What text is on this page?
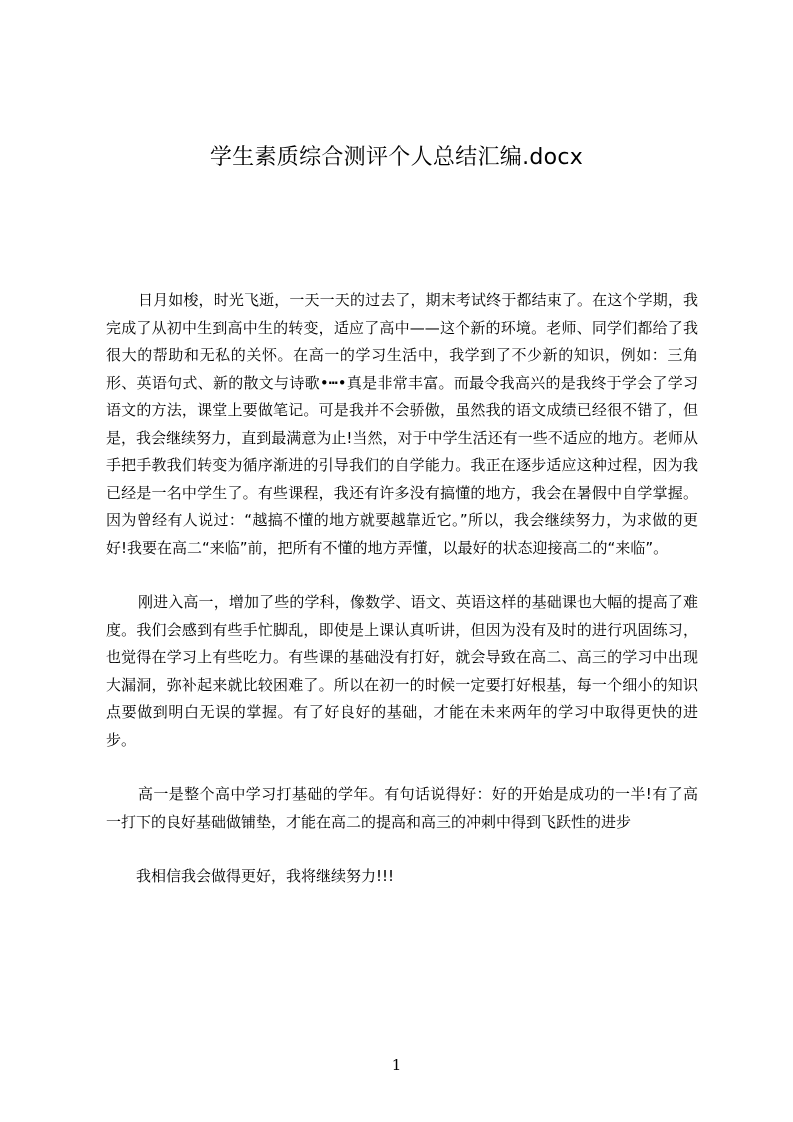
学生素质综合测评个人总结汇编.docx

日月如梭，时光飞逝，一天一天的过去了，期末考试终于都结束了。在这个学期，我完成了从初中生到高中生的转变，适应了高中——这个新的环境。老师、同学们都给了我很大的帮助和无私的关怀。在高一的学习生活中，我学到了不少新的知识，例如：三角形、英语句式、新的散文与诗歌•┅•真是非常丰富。而最令我高兴的是我终于学会了学习语文的方法，课堂上要做笔记。可是我并不会骄傲，虽然我的语文成绩已经很不错了，但是，我会继续努力，直到最满意为止!当然，对于中学生活还有一些不适应的地方。老师从手把手教我们转变为循序渐进的引导我们的自学能力。我正在逐步适应这种过程，因为我已经是一名中学生了。有些课程，我还有许多没有搞懂的地方，我会在暑假中自学掌握。因为曾经有人说过：“越搞不懂的地方就要越靠近它。”所以，我会继续努力，为求做的更好!我要在高二“来临”前，把所有不懂的地方弄懂，以最好的状态迎接高二的“来临”。

刚进入高一，增加了些的学科，像数学、语文、英语这样的基础课也大幅的提高了难度。我们会感到有些手忙脚乱，即使是上课认真听讲，但因为没有及时的进行巩固练习，也觉得在学习上有些吃力。有些课的基础没有打好，就会导致在高二、高三的学习中出现大漏洞，弥补起来就比较困难了。所以在初一的时候一定要打好根基，每一个细小的知识点要做到明白无误的掌握。有了好良好的基础，才能在未来两年的学习中取得更快的进步。

高一是整个高中学习打基础的学年。有句话说得好：好的开始是成功的一半!有了高一打下的良好基础做铺垫，才能在高二的提高和高三的冲刺中得到飞跃性的进步

我相信我会做得更好，我将继续努力!!!

1
